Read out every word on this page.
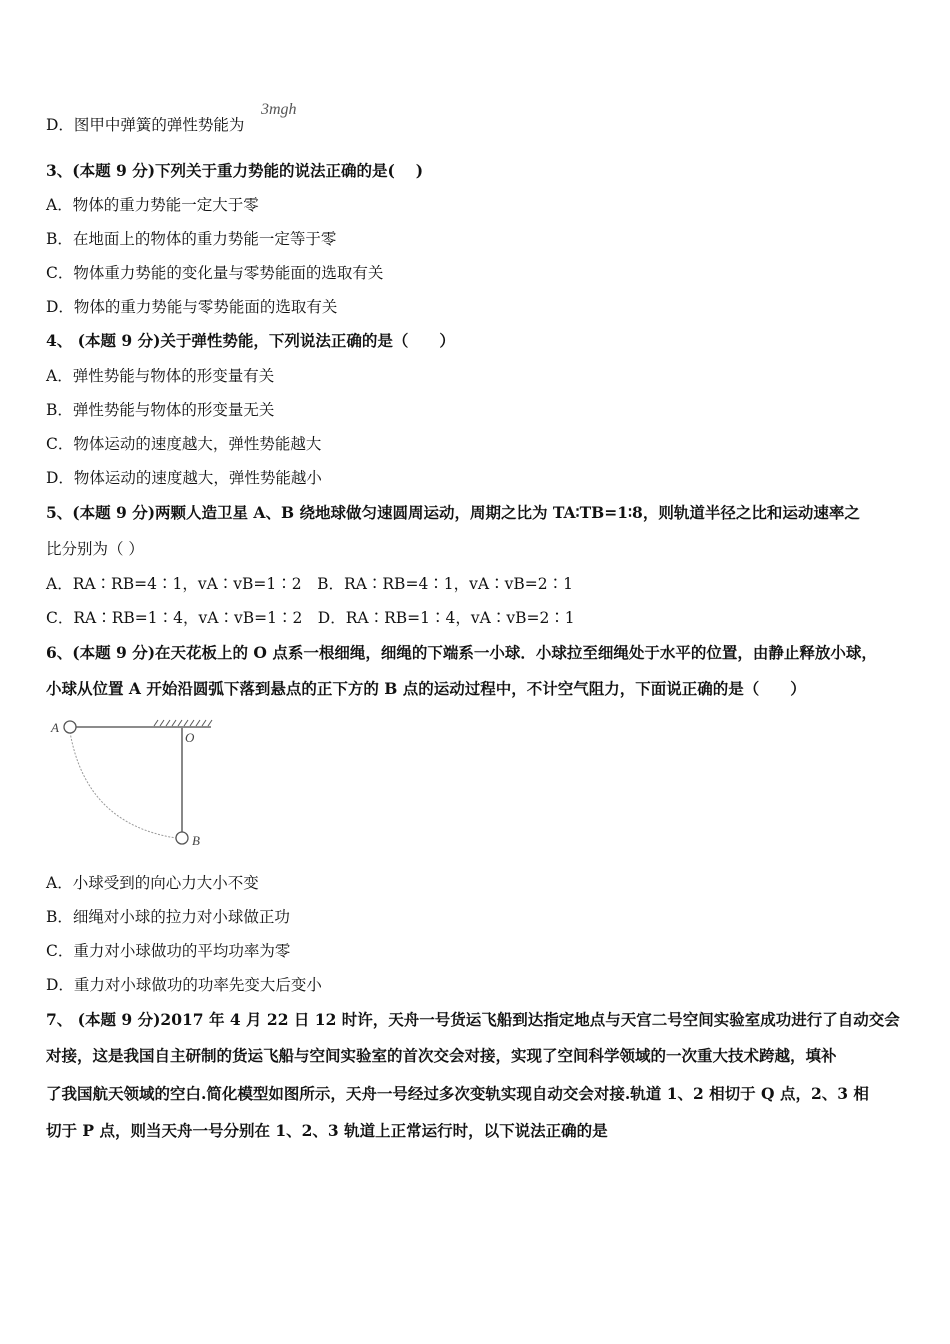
D．图甲中弹簧的弹性势能为
3mgh
3、(本题 9 分)下列关于重力势能的说法正确的是(　 )
A．物体的重力势能一定大于零
B．在地面上的物体的重力势能一定等于零
C．物体重力势能的变化量与零势能面的选取有关
D．物体的重力势能与零势能面的选取有关
4、 (本题 9 分)关于弹性势能，下列说法正确的是（　　）
A．弹性势能与物体的形变量有关
B．弹性势能与物体的形变量无关
C．物体运动的速度越大，弹性势能越大
D．物体运动的速度越大，弹性势能越小
5、(本题 9 分)两颗人造卫星 A、B 绕地球做匀速圆周运动，周期之比为 TA∶TB=1∶8，则轨道半径之比和运动速率之
比分别为（ ）
A．RA∶RB=4∶1，vA∶vB=1∶2　B．RA∶RB=4∶1，vA∶vB=2∶1
C．RA∶RB=1∶4，vA∶vB=1∶2　D．RA∶RB=1∶4，vA∶vB=2∶1
6、(本题 9 分)在天花板上的 O 点系一根细绳，细绳的下端系一小球．小球拉至细绳处于水平的位置，由静止释放小球，
小球从位置 A 开始沿圆弧下落到悬点的正下方的 B 点的运动过程中，不计空气阻力，下面说正确的是（　　）
A
O
B
A．小球受到的向心力大小不变
B．细绳对小球的拉力对小球做正功
C．重力对小球做功的平均功率为零
D．重力对小球做功的功率先变大后变小
7、 (本题 9 分)2017 年 4 月 22 日 12 时许，天舟一号货运飞船到达指定地点与天宫二号空间实验室成功进行了自动交会
对接，这是我国自主研制的货运飞船与空间实验室的首次交会对接，实现了空间科学领域的一次重大技术跨越，填补
了我国航天领域的空白.简化模型如图所示，天舟一号经过多次变轨实现自动交会对接.轨道 1、2 相切于 Q 点，2、3 相
切于 P 点，则当天舟一号分别在 1、2、3 轨道上正常运行时，以下说法正确的是
